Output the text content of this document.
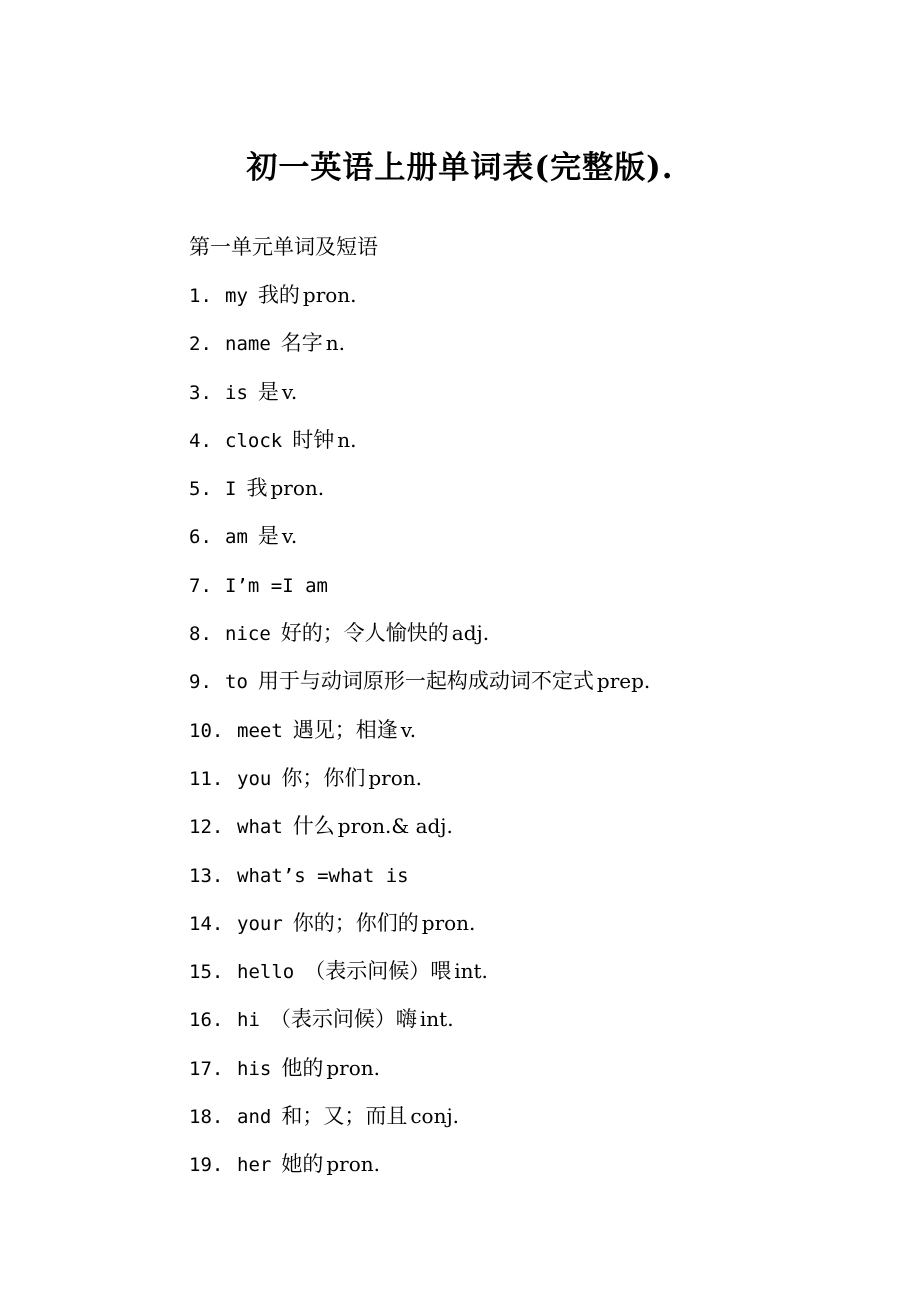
初一英语上册单词表(完整版).
第一单元单词及短语
1. my 我的 pron.
2. name 名字 n.
3. is 是 v.
4. clock 时钟 n.
5. I 我 pron.
6. am 是 v.
7. I’m =I am
8. nice 好的；令人愉快的 adj.
9. to 用于与动词原形一起构成动词不定式 prep.
10. meet 遇见；相逢 v.
11. you 你；你们 pron.
12. what 什么 pron.& adj.
13. what’s =what is
14. your 你的；你们的 pron.
15. hello （表示问候）喂 int.
16. hi （表示问候）嗨 int.
17. his 他的 pron.
18. and 和；又；而且 conj.
19. her 她的 pron.
